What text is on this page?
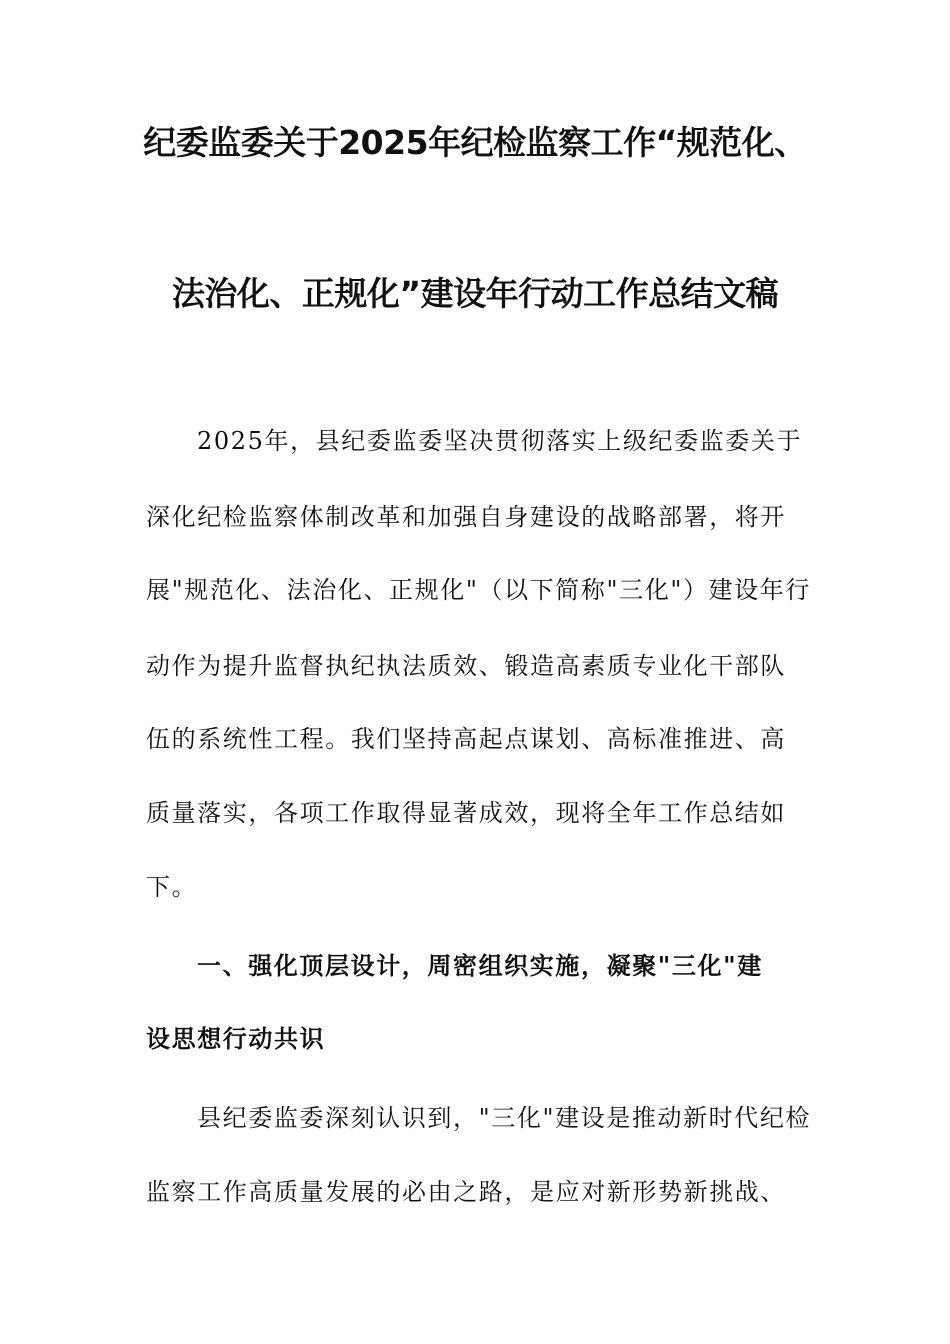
纪委监委关于2025年纪检监察工作“规范化、
法治化、正规化”建设年行动工作总结文稿
2025年，县纪委监委坚决贯彻落实上级纪委监委关于
深化纪检监察体制改革和加强自身建设的战略部署，将开
展"规范化、法治化、正规化"（以下简称"三化"）建设年行
动作为提升监督执纪执法质效、锻造高素质专业化干部队
伍的系统性工程。我们坚持高起点谋划、高标准推进、高
质量落实，各项工作取得显著成效，现将全年工作总结如
下。
一、强化顶层设计，周密组织实施，凝聚"三化"建
设思想行动共识
县纪委监委深刻认识到，"三化"建设是推动新时代纪检
监察工作高质量发展的必由之路，是应对新形势新挑战、
